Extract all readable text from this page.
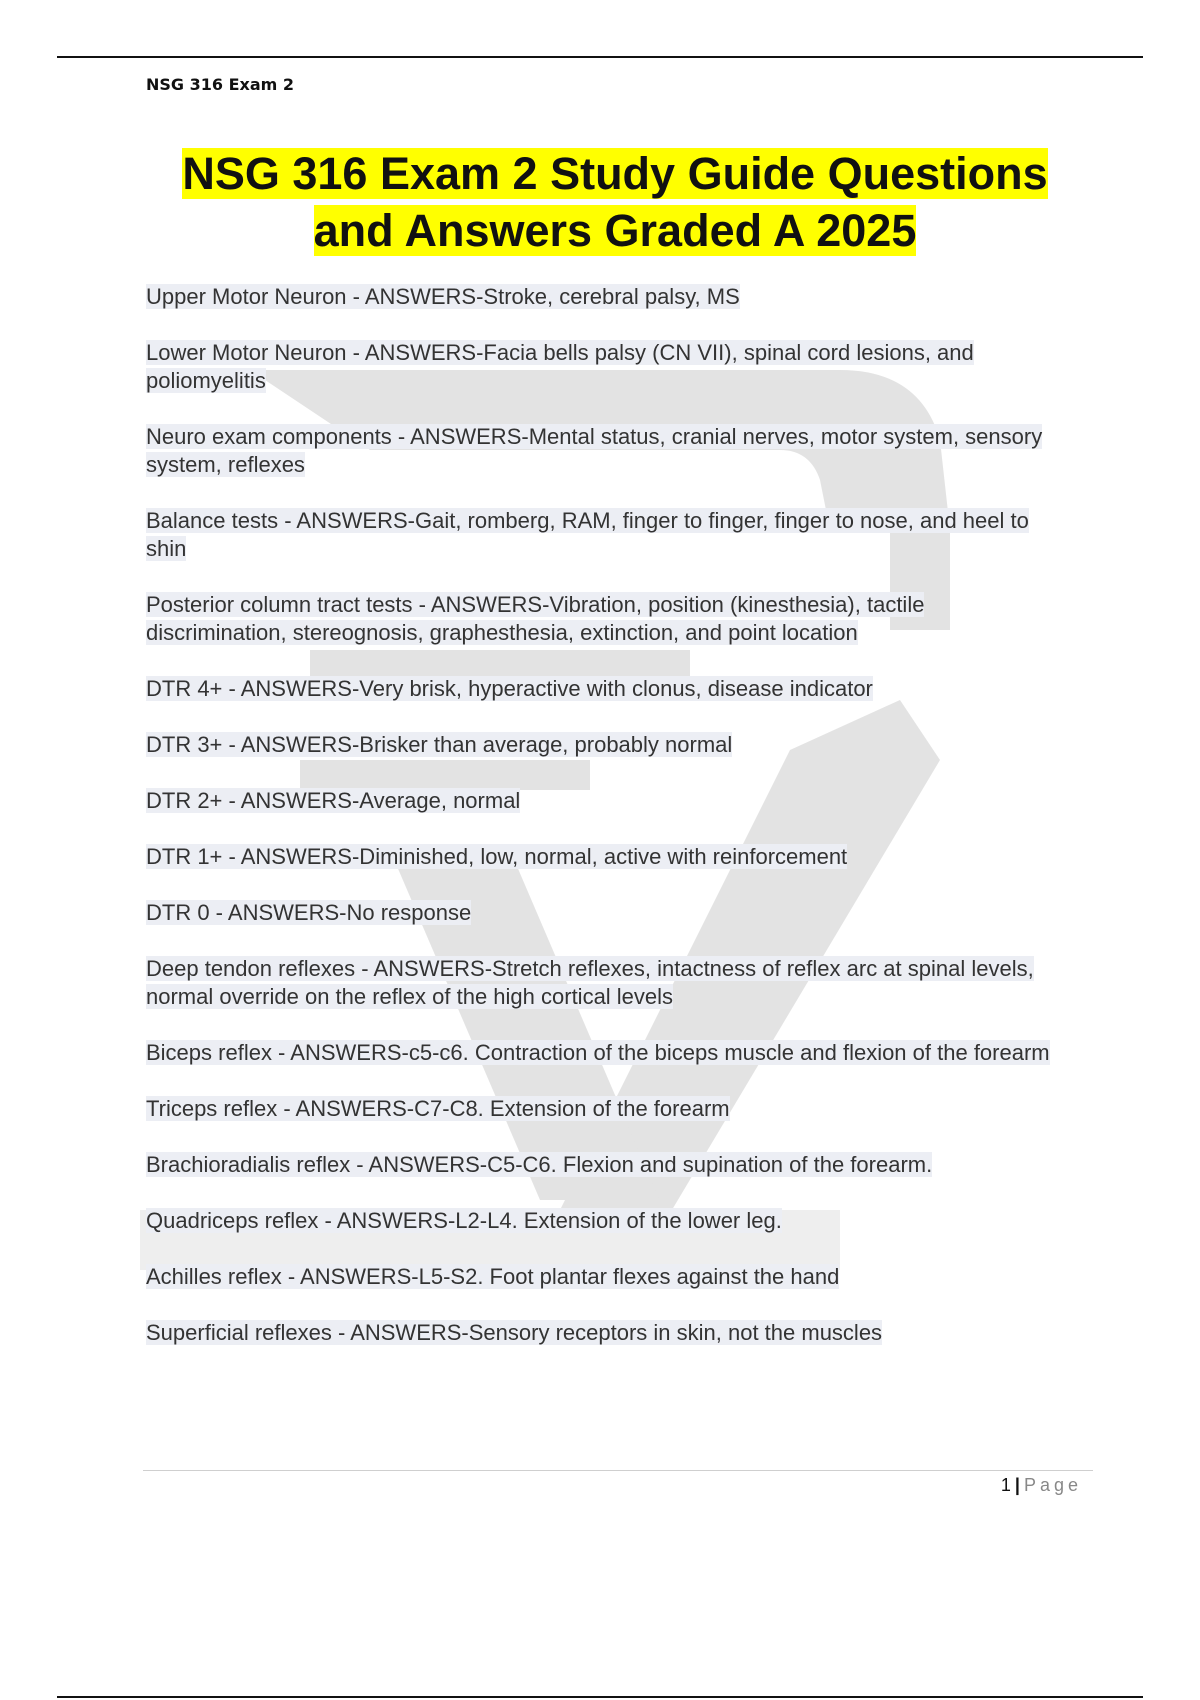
NSG 316 Exam 2
NSG 316 Exam 2 Study Guide Questions
and Answers Graded A 2025

Upper Motor Neuron - ANSWERS-Stroke, cerebral palsy, MS

Lower Motor Neuron - ANSWERS-Facia bells palsy (CN VII), spinal cord lesions, and poliomyelitis

Neuro exam components - ANSWERS-Mental status, cranial nerves, motor system, sensory system, reflexes

Balance tests - ANSWERS-Gait, romberg, RAM, finger to finger, finger to nose, and heel to shin

Posterior column tract tests - ANSWERS-Vibration, position (kinesthesia), tactile discrimination, stereognosis, graphesthesia, extinction, and point location

DTR 4+ - ANSWERS-Very brisk, hyperactive with clonus, disease indicator

DTR 3+ - ANSWERS-Brisker than average, probably normal

DTR 2+ - ANSWERS-Average, normal

DTR 1+ - ANSWERS-Diminished, low, normal, active with reinforcement

DTR 0 - ANSWERS-No response

Deep tendon reflexes - ANSWERS-Stretch reflexes, intactness of reflex arc at spinal levels, normal override on the reflex of the high cortical levels

Biceps reflex - ANSWERS-c5-c6. Contraction of the biceps muscle and flexion of the forearm

Triceps reflex - ANSWERS-C7-C8. Extension of the forearm

Brachioradialis reflex - ANSWERS-C5-C6. Flexion and supination of the forearm.

Quadriceps reflex - ANSWERS-L2-L4. Extension of the lower leg.

Achilles reflex - ANSWERS-L5-S2. Foot plantar flexes against the hand

Superficial reflexes - ANSWERS-Sensory receptors in skin, not the muscles

1 | Page
